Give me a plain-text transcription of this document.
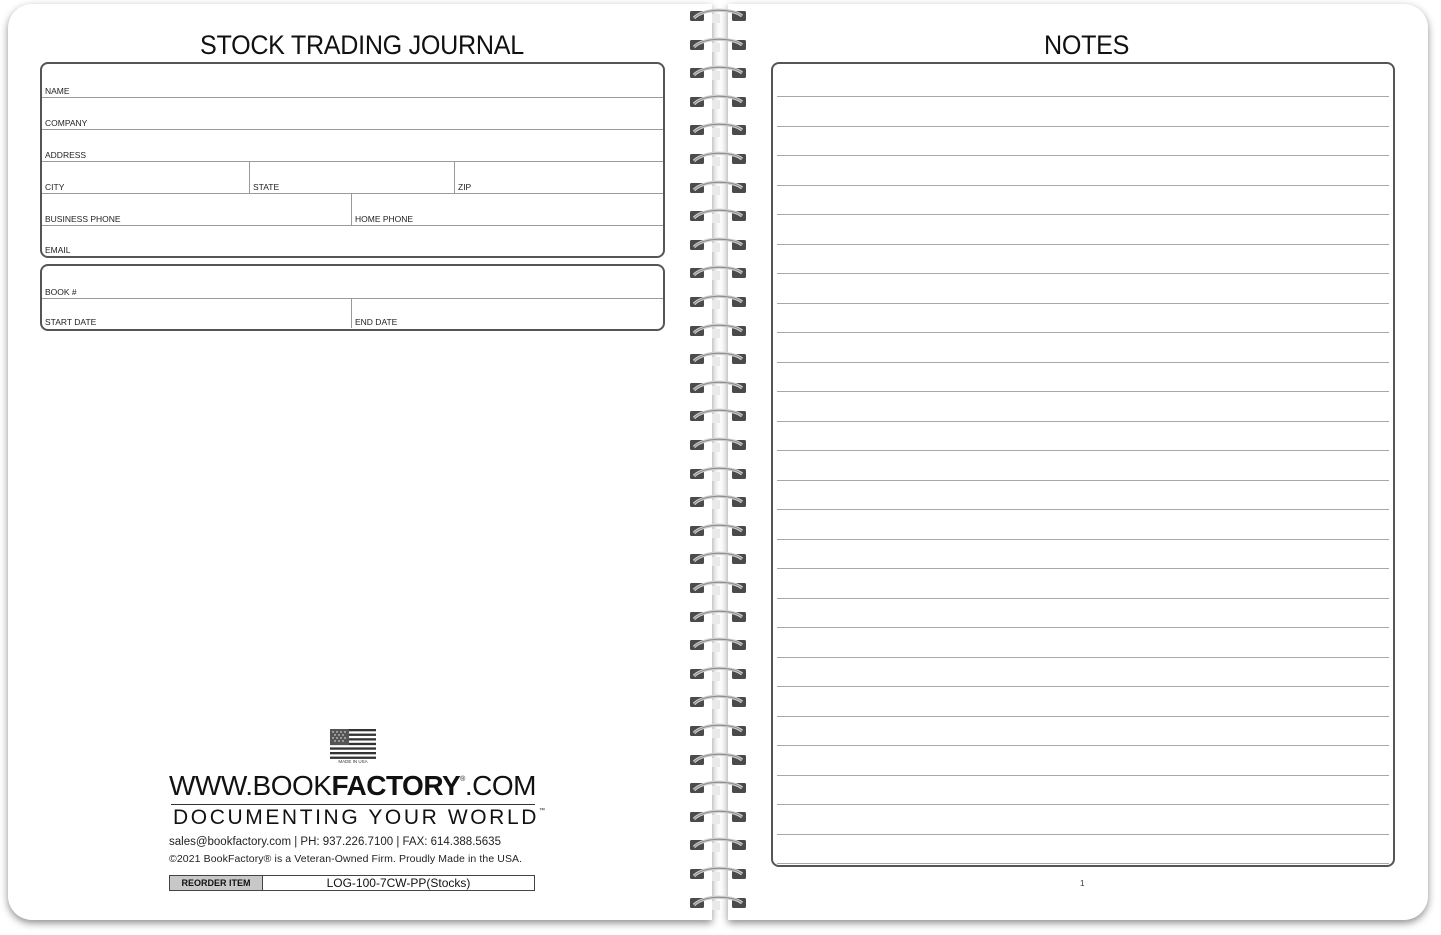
STOCK TRADING JOURNAL	NOTES
NAME
COMPANY
ADDRESS
CITY	STATE	ZIP
BUSINESS PHONE	HOME PHONE
EMAIL
BOOK #
START DATE	END DATE
MADE IN USA
WWW.BOOKFACTORY®.COM
DOCUMENTING YOUR WORLD™
sales@bookfactory.com | PH: 937.226.7100 | FAX: 614.388.5635
©2021 BookFactory® is a Veteran-Owned Firm. Proudly Made in the USA.
REORDER ITEM	LOG-100-7CW-PP(Stocks)	1
